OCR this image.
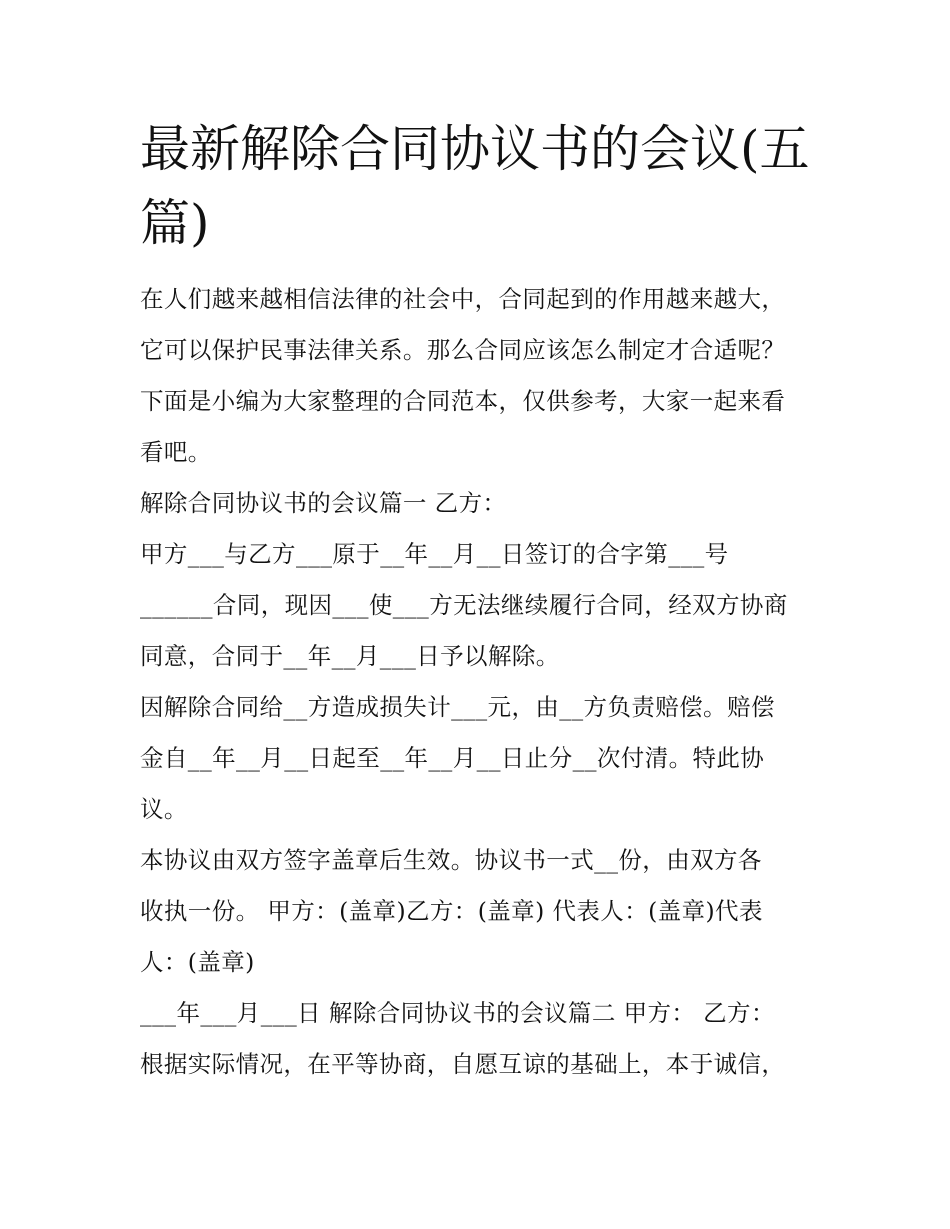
最新解除合同协议书的会议(五
篇)
在人们越来越相信法律的社会中，合同起到的作用越来越大，
它可以保护民事法律关系。那么合同应该怎么制定才合适呢？
下面是小编为大家整理的合同范本，仅供参考，大家一起来看
看吧。
解除合同协议书的会议篇一 乙方：
甲方___与乙方___原于__年__月__日签订的合字第___号
______合同，现因___使___方无法继续履行合同，经双方协商
同意，合同于__年__月___日予以解除。
因解除合同给__方造成损失计___元，由__方负责赔偿。赔偿
金自__年__月__日起至__年__月__日止分__次付清。特此协
议。
本协议由双方签字盖章后生效。协议书一式__份，由双方各
收执一份。 甲方：(盖章)乙方：(盖章) 代表人：(盖章)代表
人：(盖章)
___年___月___日 解除合同协议书的会议篇二 甲方： 乙方：
根据实际情况，在平等协商，自愿互谅的基础上，本于诚信，
